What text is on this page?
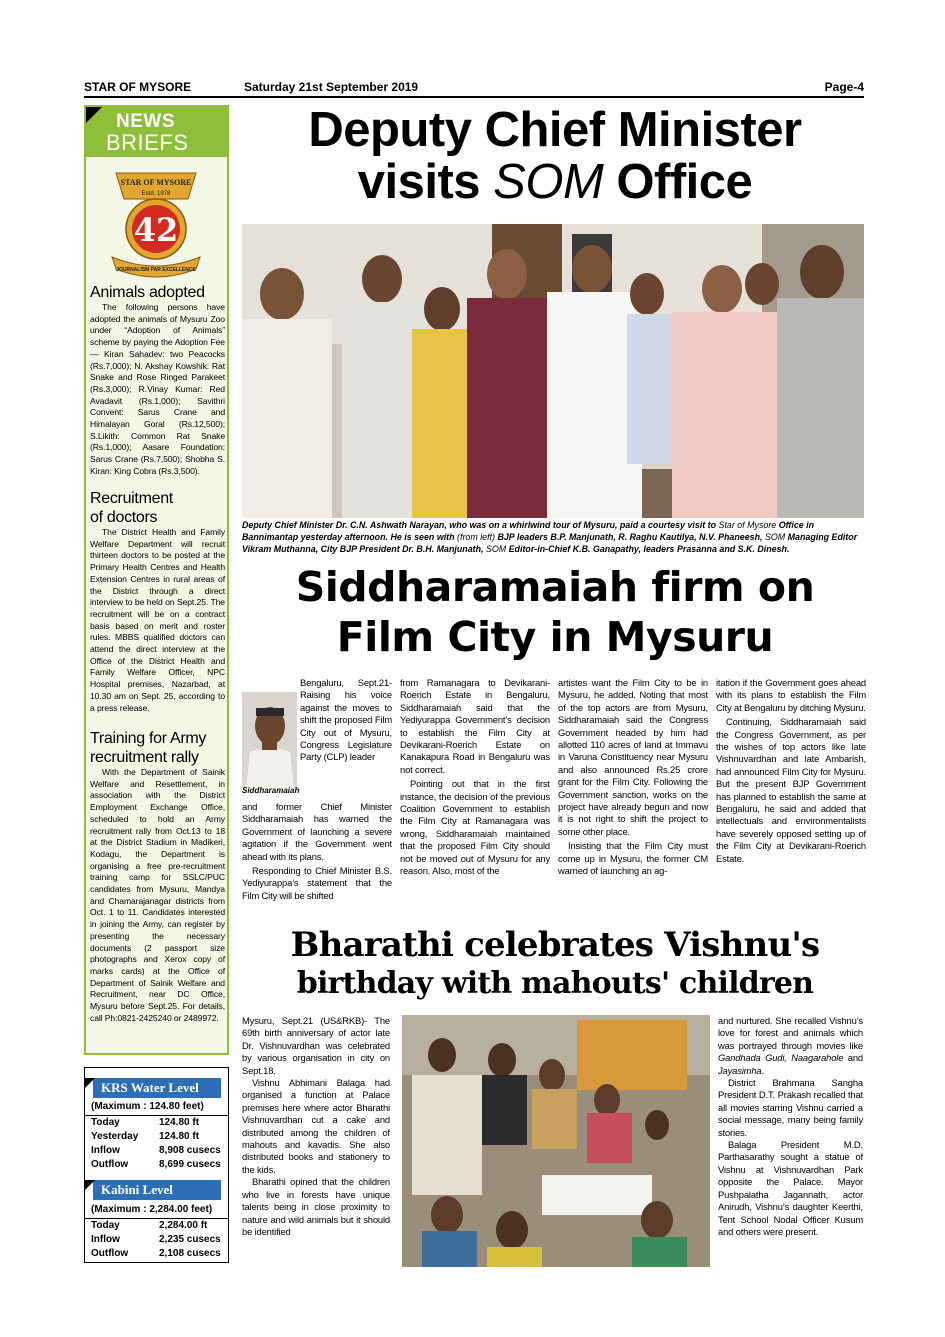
STAR OF MYSORE	Saturday 21st September 2019	Page-4
NEWS
BRIEFS
STAR OF MYSORE
Estd. 1978
42
JOURNALISM PAR EXCELLENCE
Animals adopted

The following persons have adopted the animals of Mysuru Zoo under “Adoption of Animals” scheme by paying the Adoption Fee — Kiran Sahadev: two Peacocks (Rs.7,000); N. Akshay Kowshik: Rat Snake and Rose Ringed Parakeet (Rs.3,000); R.Vinay Kumar: Red Avadavit (Rs.1,000); Savithri Convent: Sarus Crane and Himalayan Goral (Rs.12,500); S.Likith: Common Rat Snake (Rs.1,000); Aasare Foundation: Sarus Crane (Rs.7,500); Shobha S. Kiran: King Cobra (Rs.3,500).

Recruitment
of doctors

The District Health and Family Welfare Department will recruit thirteen doctors to be posted at the Primary Health Centres and Health Extension Centres in rural areas of the District through a direct interview to be held on Sept.25. The recruitment will be on a contract basis based on merit and roster rules. MBBS qualified doctors can attend the direct interview at the Office of the District Health and Family Welfare Officer, NPC Hospital premises, Nazarbad, at 10.30 am on Sept. 25, according to a press release.

Training for Army
recruitment rally

With the Department of Sainik Welfare and Resettlement, in association with the District Employment Exchange Office, scheduled to hold an Army recruitment rally from Oct.13 to 18 at the District Stadium in Madikeri, Kodagu, the Department is organising a free pre-recruitment training camp for SSLC/PUC candidates from Mysuru, Mandya and Chamarajanagar districts from Oct. 1 to 11. Candidates interested in joining the Army, can register by presenting the necessary documents (2 passport size photographs and Xerox copy of marks cards) at the Office of Department of Sainik Welfare and Recruitment, near DC Office, Mysuru before Sept.25. For details, call Ph:0821-2425240 or 2489972.

KRS Water Level
(Maximum : 124.80 feet)
Today	124.80 ft
Yesterday 124.80 ft
Inflow	8,908 cusecs
Outflow	8,699 cusecs
Kabini Level
(Maximum : 2,284.00 feet)
Today	2,284.00 ft
Inflow	2,235 cusecs
Outflow	2,108 cusecs
Deputy Chief Minister
visits SOM Office
Deputy Chief Minister Dr. C.N. Ashwath Narayan, who was on a whirlwind tour of Mysuru, paid a courtesy visit to Star of Mysore Office in Bannimantap yesterday afternoon. He is seen with (from left) BJP leaders B.P. Manjunath, R. Raghu Kautilya, N.V. Phaneesh, SOM Managing Editor Vikram Muthanna, City BJP President Dr. B.H. Manjunath, SOM Editor-in-Chief K.B. Ganapathy, leaders Prasanna and S.K. Dinesh.
Siddharamaiah firm on
Film City in Mysuru
Siddharamaiah

Bengaluru, Sept.21- Raising his voice against the moves to shift the proposed Film City out of Mysuru, Congress Legislature Party (CLP) leader

and former Chief Minister Siddharamaiah has warned the Government of launching a severe agitation if the Government went ahead with its plans.

Responding to Chief Minister B.S. Yediyurappa’s statement that the Film City will be shifted

from Ramanagara to Devikarani-Roerich Estate in Bengaluru, Siddharamaiah said that the Yediyurappa Government’s decision to establish the Film City at Devikarani-Roerich Estate on Kanakapura Road in Bengaluru was not correct.

Pointing out that in the first instance, the decision of the previous Coalition Government to establish the Film City at Ramanagara was wrong, Siddharamaiah maintained that the proposed Film City should not be moved out of Mysuru for any reason. Also, most of the

artistes want the Film City to be in Mysuru, he added. Noting that most of the top actors are from Mysuru, Siddharamaiah said the Congress Government headed by him had allotted 110 acres of land at Immavu in Varuna Constituency near Mysuru and also announced Rs.25 crore grant for the Film City. Following the Government sanction, works on the project have already begun and now it is not right to shift the project to some other place.

Insisting that the Film City must come up in Mysuru, the former CM warned of launching an ag-

itation if the Government goes ahead with its plans to establish the Film City at Bengaluru by ditching Mysuru.

Continuing, Siddharamaiah said the Congress Government, as per the wishes of top actors like late Vishnuvardhan and late Ambarish, had announced Film City for Mysuru. But the present BJP Government has planned to establish the same at Bengaluru, he said and added that intellectuals and environmentalists have severely opposed setting up of the Film City at Devikarani-Roerich Estate.

Bharathi celebrates Vishnu's
birthday with mahouts' children

Mysuru, Sept.21 (US&RKB)- The 69th birth anniversary of actor late Dr. Vishnuvardhan was celebrated by various organisation in city on Sept.18.

Vishnu Abhimani Balaga had organised a function at Palace premises here where actor Bharathi Vishnuvardhan cut a cake and distributed among the children of mahouts and kavadis. She also distributed books and stationery to the kids.

Bharathi opined that the children who live in forests have unique talents being in close proximity to nature and wild animals but it should be identified

and nurtured. She recalled Vishnu’s love for forest and animals which was portrayed through movies like Gandhada Gudi, Naagarahole and Jayasimha.

District Brahmana Sangha President D.T. Prakash recalled that all movies starring Vishnu carried a social message, many being family stories.

Balaga President M.D. Parthasarathy sought a statue of Vishnu at Vishnuvardhan Park opposite the Palace. Mayor Pushpalatha Jagannath, actor Anirudh, Vishnu’s daughter Keerthi, Tent School Nodal Officer Kusum and others were present.
